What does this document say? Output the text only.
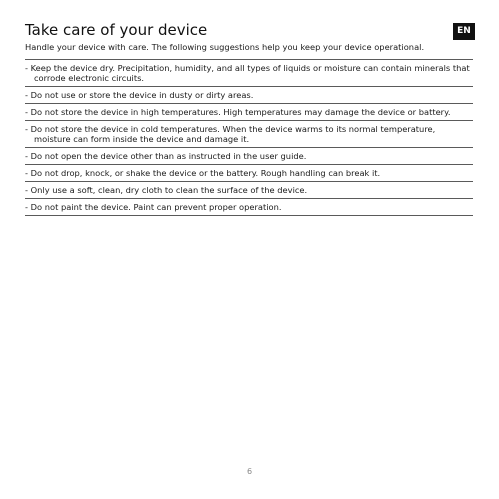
Take care of your device	EN

Handle your device with care. The following suggestions help you keep your device operational.

- Keep the device dry. Precipitation, humidity, and all types of liquids or moisture can contain minerals that corrode electronic circuits.
- Do not use or store the device in dusty or dirty areas.
- Do not store the device in high temperatures. High temperatures may damage the device or battery.
- Do not store the device in cold temperatures. When the device warms to its normal temperature, moisture can form inside the device and damage it.
- Do not open the device other than as instructed in the user guide.
- Do not drop, knock, or shake the device or the battery. Rough handling can break it.
- Only use a soft, clean, dry cloth to clean the surface of the device.
- Do not paint the device. Paint can prevent proper operation.
6
